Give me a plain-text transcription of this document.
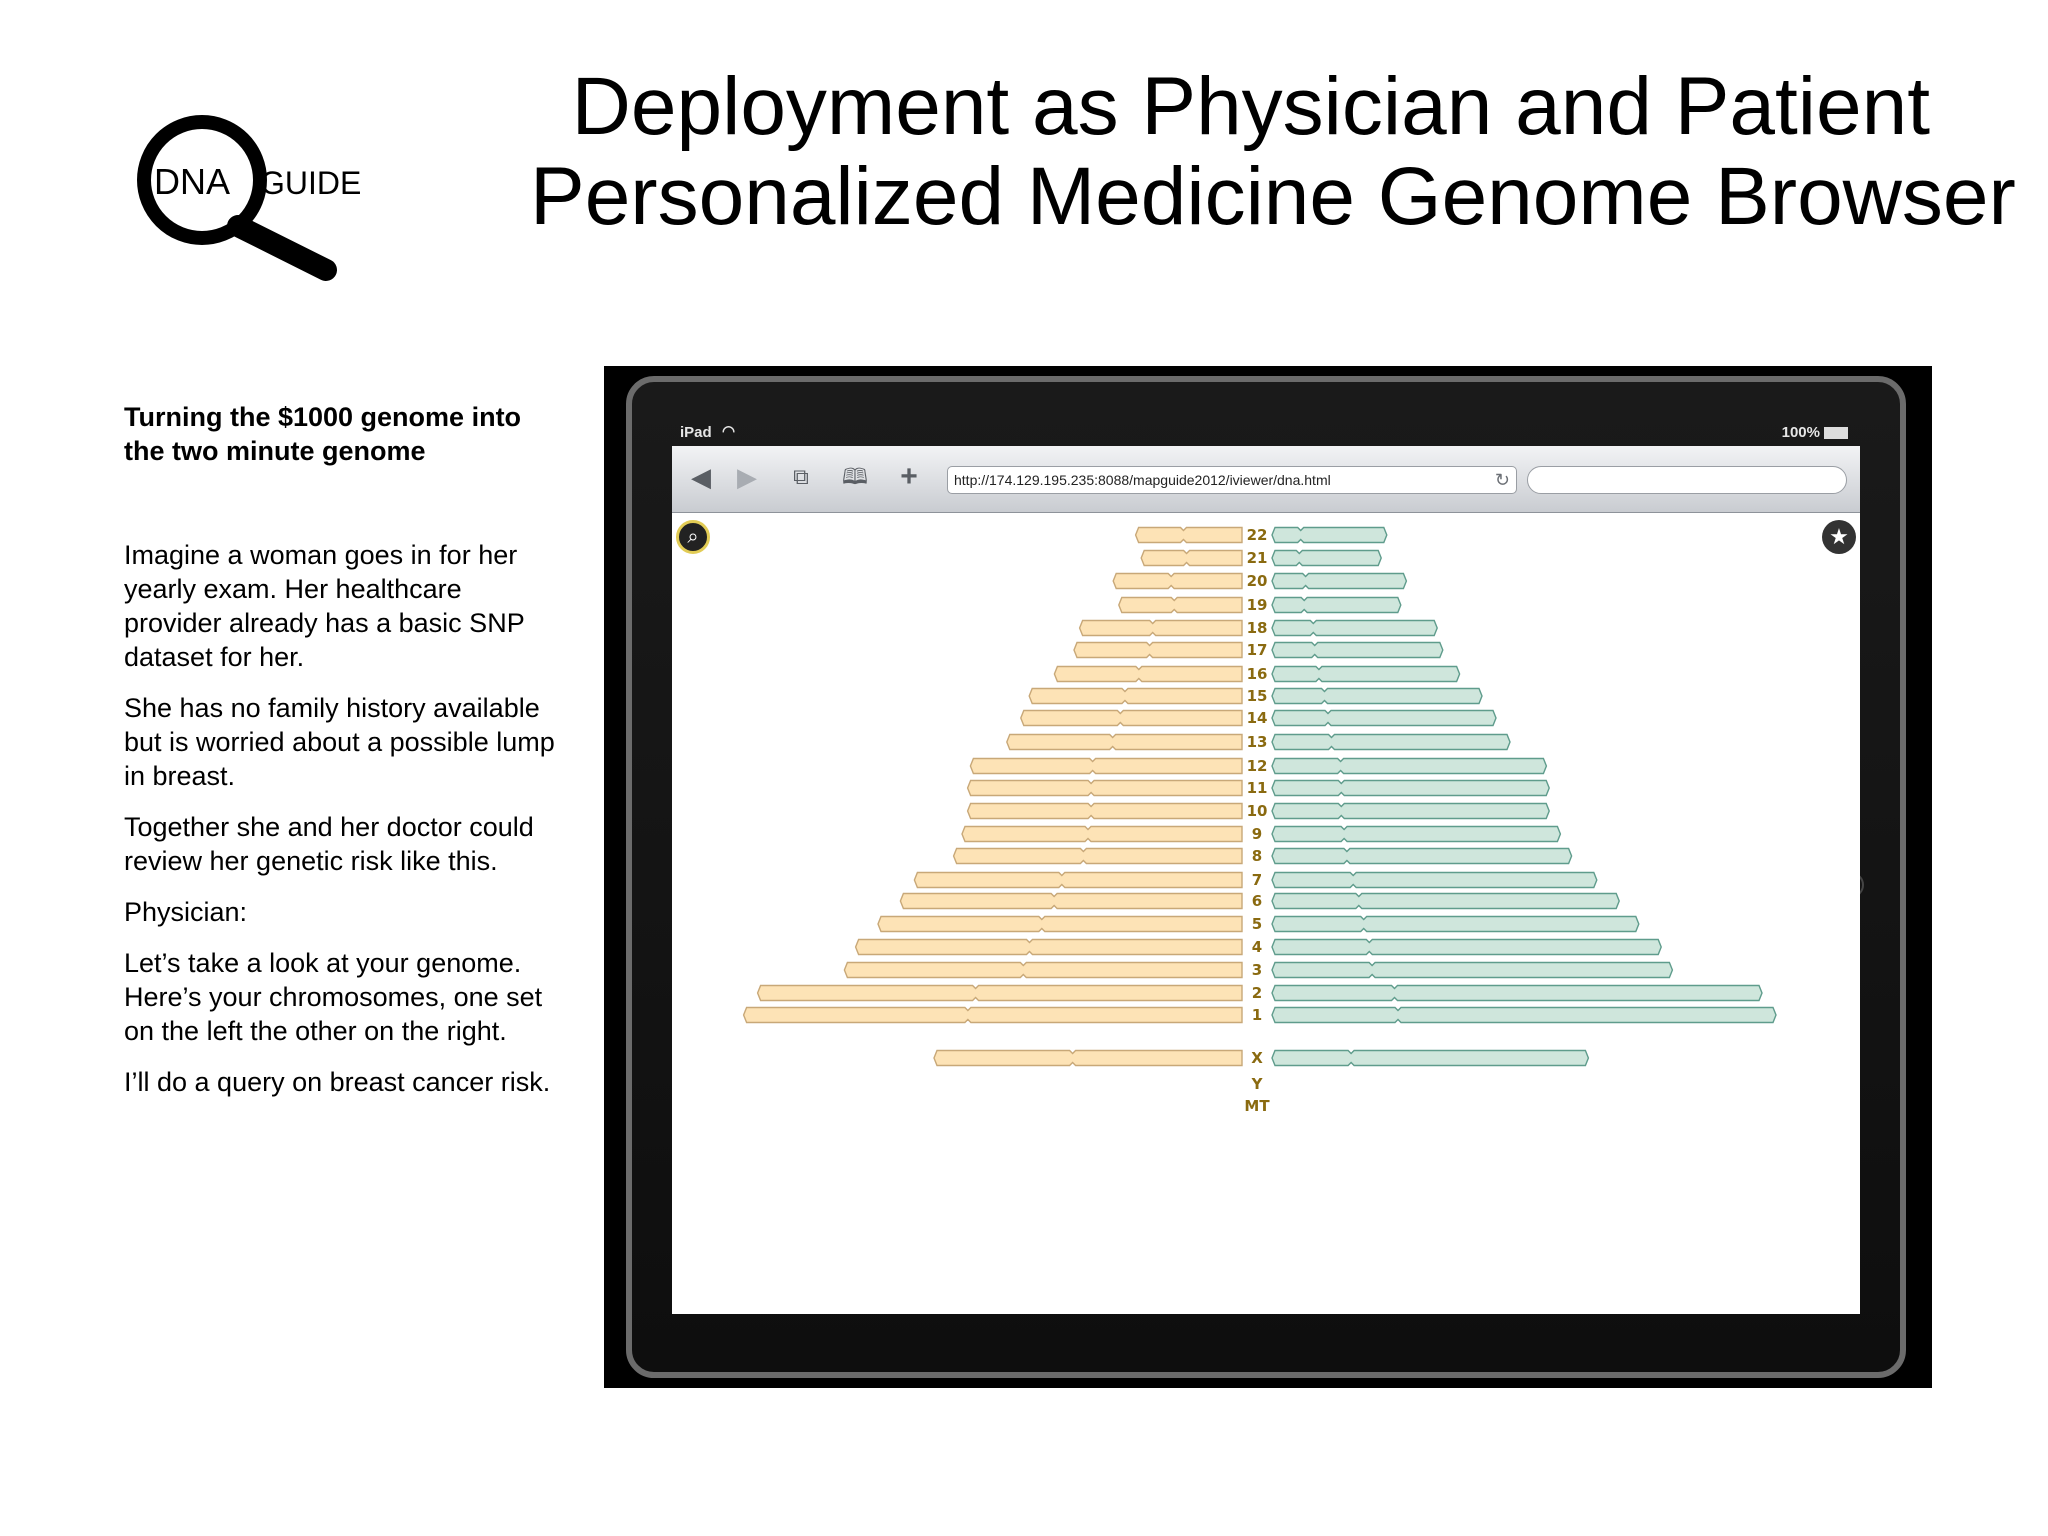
DNA GUIDE
Deployment as Physician and Patient
Personalized Medicine Genome Browser
Turning the $1000 genome into the two minute genome

Imagine a woman goes in for her yearly exam. Her healthcare provider already has a basic SNP dataset for her.

She has no family history available but is worried about a possible lump in breast.

Together she and her doctor could review her genetic risk like this.

Physician:

Let’s take a look at your genome. Here’s your chromosomes, one set on the left the other on the right.

I’ll do a query on breast cancer risk.

iPad ◠	100%
◀ ▶	⧉	🕮 +	http://174.129.195.235:8088/mapguide2012/iviewer/dna.html	↻
⌕	★
22
21
20
19
18
17
16
15
14
13
12
11
10
9
8
7
6
5
4
3
2
1
X
Y
MT
